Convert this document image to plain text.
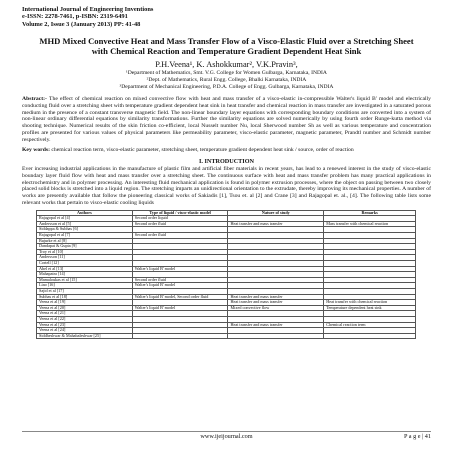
International Journal of Engineering Inventions
e-ISSN: 2278-7461, p-ISBN: 2319-6491
Volume 2, Issue 3 (January 2013) PP: 41-48
MHD Mixed Convective Heat and Mass Transfer Flow of a Visco-Elastic Fluid over a Stretching Sheet with Chemical Reaction and Temperature Gradient Dependent Heat Sink
P.H.Veena¹, K. Ashokkumar², V.K.Pravin³,
¹Department of Mathematics, Smt. V.G. College for Women Gulbarga, Karnataka, INDIA
²Dept. of Mathematics, Rural Engg. College, Bhalki Karnataka, INDIA
³Department of Mechanical Engineering, P.D.A. College of Engg. Gulbarga, Karnataka, INDIA
Abstract:- The effect of chemical reaction on mixed convective flow with heat and mass transfer of a visco-elastic in-compressible Walter's liquid B' model and electrically conducting fluid over a stretching sheet with temperature gradient dependent heat sink in heat transfer and chemical reaction in mass transfer are investigated in a saturated porous medium in the presence of a constant transverse magnetic field. The non-linear boundary layer equations with corresponding boundary conditions are converted into a system of non-linear ordinary differential equations by similarity transformations. Further the similarity equations are solved numerically by using fourth order Runge-kutta method via shooting technique. Numerical results of the skin friction co-efficient, local Nusselt number Nu, local Sherwood number Sh as well as various temperature and concentration profiles are presented for various values of physical parameters like permeability parameter, visco-elastic parameter, magnetic parameter, Prandtl number and Schmidt number respectively.
Key words: chemical reaction term, visco-elastic parameter, stretching sheet, temperature gradient dependent heat sink / source, order of reaction
I. INTRODUCTION
Ever increasing industrial applications in the manufacture of plastic film and artificial fiber materials in recent years, has lead to a renewed interest in the study of visco-elastic boundary layer fluid flow with heat and mass transfer over a stretching sheet. The continuous surface with heat and mass transfer problem has many practical applications in electrochemistry and in polymer processing. An interesting fluid mechanical application is found in polymer extrusion processes, where the object on passing between two closely placed solid blocks is stretched into a liquid region. The stretching imparts an unidirectional orientation to the extrudate, thereby improving its mechanical properties. A number of works are presently available that follow the pioneering classical works of Sakiadis [1], Tsou et. al [2] and Crane [3] and Rajagopal et. al., [4]. The following table lists some relevant works that pertain to visco-elastic cooling liquids
Authors	Type of liquid / visco-elastic model	Nature of study	Remarks
Rajagopal et al [4]	Second order liquid		
Andersson et al [5]	Second order fluid	Heat transfer and mass transfer	Mass transfer with chemical reaction
Siddappa & Subhas [6]			
Rajagopal et al [7]	Second order fluid		
Bujurke et al [8]			
Dandapat & Gupta [9]			
Troy et al [10]			
Andersson [11]			
Cortell [12]			
Abel et al [13]	Walter's liquid B' model		
Mahapatra [14]			
Mamaloukas et al [15]	Second order fluid		
Liao [16]	Walter's liquid B' model		
Sajid et al [17]			
Subhas et al [18]	Walter's liquid B' model, Second order fluid	Heat transfer and mass transfer	
Veena et al [19]		Heat transfer and mass transfer	Heat transfer with chemical reaction
Veena et al [20]	Walter's liquid B' model	Mixed convective flow	Temperature dependent heat sink
Veena et al [21]			
Veena et al [22]			
Veena et al [23]		Heat transfer and mass transfer	Chemical reaction term
Veena et al [24]			
Siddheshwar & Mahabaleshwar [25]			
www.ijeijournal.com	P a g e | 41
